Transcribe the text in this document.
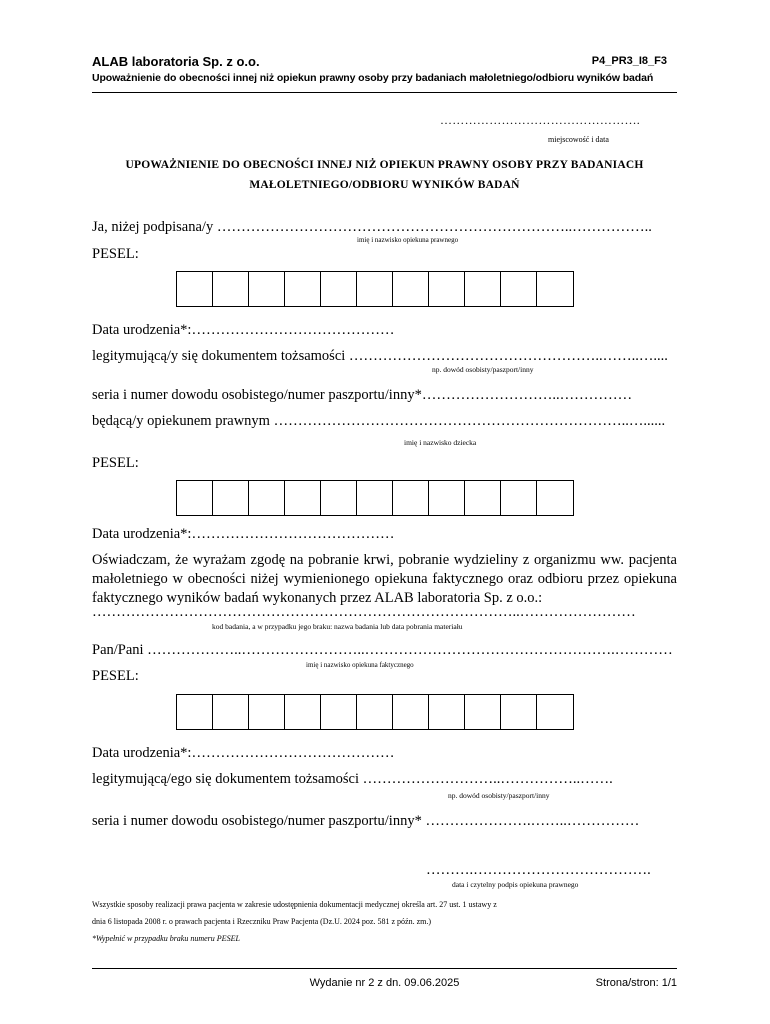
ALAB laboratoria Sp. z o.o.	P4_PR3_I8_F3
Upoważnienie do obecności innej niż opiekun prawny osoby przy badaniach małoletniego/odbioru wyników badań
………………………………………….
miejscowość i data
UPOWAŻNIENIE DO OBECNOŚCI INNEJ NIŻ OPIEKUN PRAWNY OSOBY PRZY BADANIACH
MAŁOLETNIEGO/ODBIORU WYNIKÓW BADAŃ
Ja, niżej podpisana/y ………………………………………………………………..……………..
imię i nazwisko opiekuna prawnego
PESEL:
Data urodzenia*:……………………………………
legitymującą/y się dokumentem tożsamości ……………………………………………..……..…....
np. dowód osobisty/paszport/inny
seria i numer dowodu osobistego/numer paszportu/inny*………………………..……………
będącą/y opiekunem prawnym ………………………………………………………………..…......
imię i nazwisko dziecka
PESEL:
Data urodzenia*:……………………………………
Oświadczam, że wyrażam zgodę na pobranie krwi, pobranie wydzieliny z organizmu ww. pacjenta małoletniego w obecności niżej wymienionego opiekuna faktycznego oraz odbioru przez opiekuna faktycznego wyników badań wykonanych przez ALAB laboratoria Sp. z o.o.:
……………………………………………………………………………..……………………
kod badania, a w przypadku jego braku: nazwa badania lub data pobrania materiału
Pan/Pani ………………..……………………..…………………………………………….…………
imię i nazwisko opiekuna faktycznego
PESEL:
Data urodzenia*:……………………………………
legitymującą/ego się dokumentem tożsamości ………………………..……………..…….
np. dowód osobisty/paszport/inny
seria i numer dowodu osobistego/numer paszportu/inny* ………………….……..……………
……….……………………………….
data i czytelny podpis opiekuna prawnego
Wszystkie sposoby realizacji prawa pacjenta w zakresie udostępnienia dokumentacji medycznej określa art. 27 ust. 1 ustawy z
dnia 6 listopada 2008 r. o prawach pacjenta i Rzeczniku Praw Pacjenta (Dz.U. 2024 poz. 581 z późn. zm.)
*Wypełnić w przypadku braku numeru PESEL
Wydanie nr 2 z dn. 09.06.2025	Strona/stron: 1/1
